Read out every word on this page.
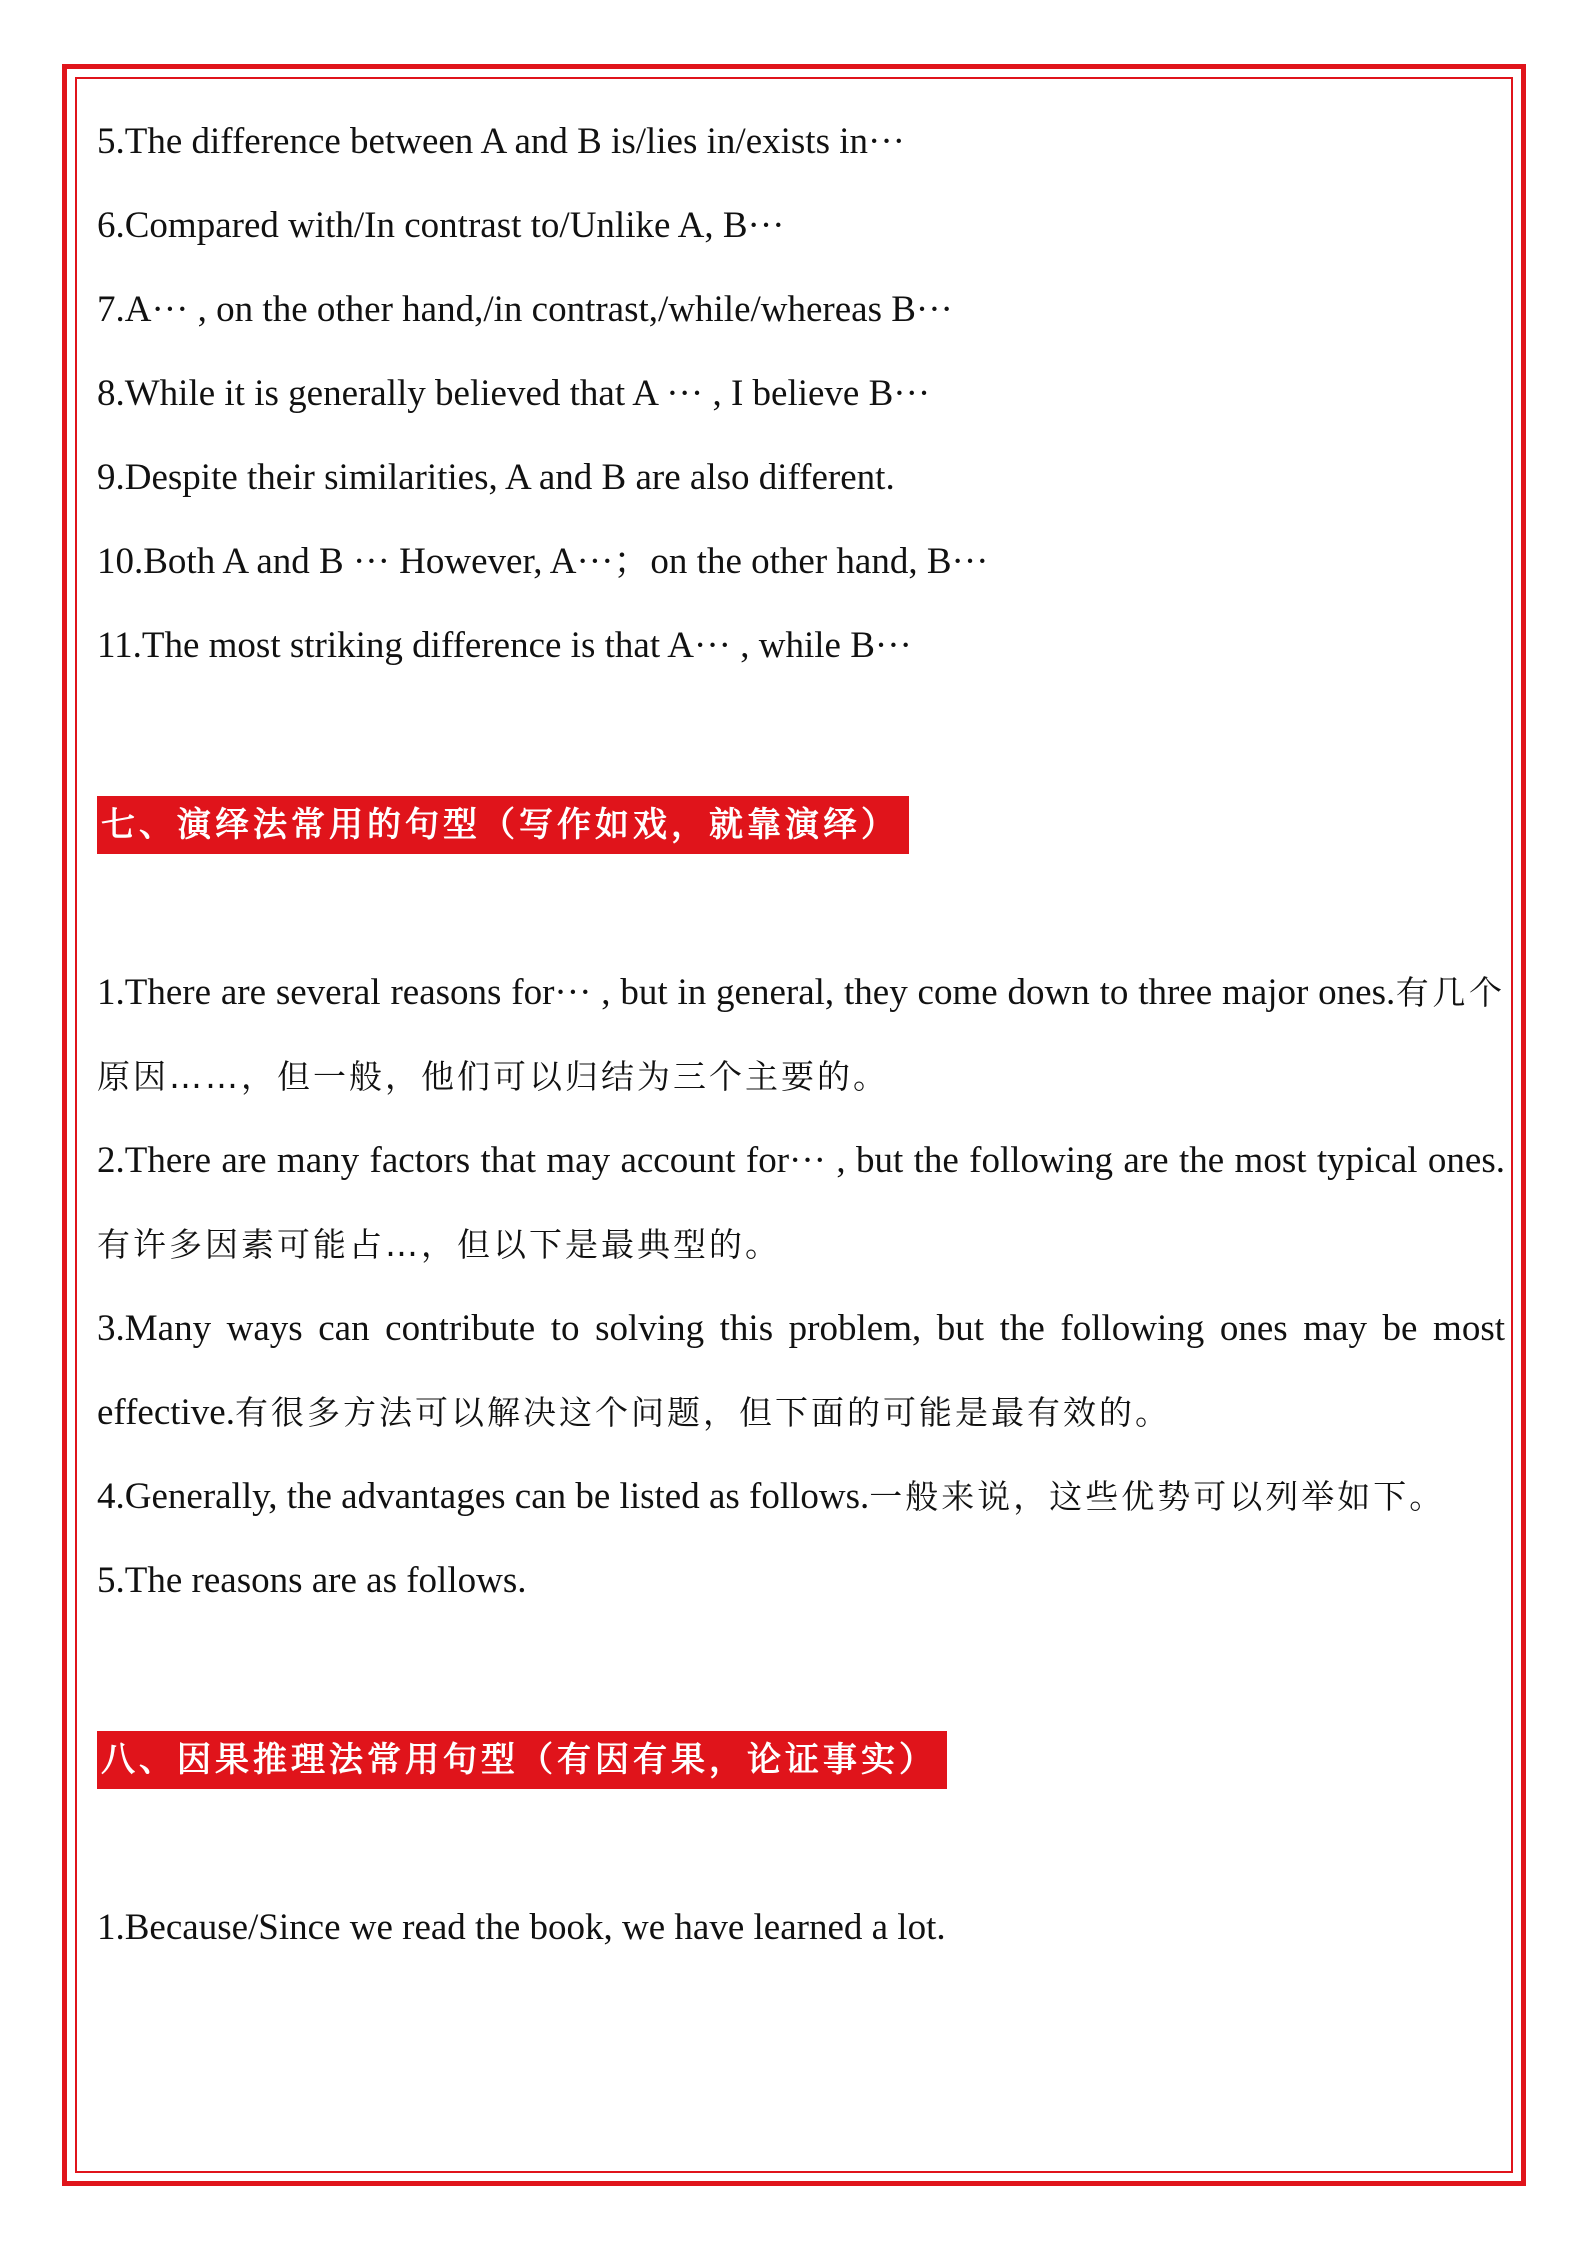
5.The difference between A and B is/lies in/exists in···

6.Compared with/In contrast to/Unlike A, B···

7.A··· , on the other hand,/in contrast,/while/whereas B···

8.While it is generally believed that A ··· , I believe B···

9.Despite their similarities, A and B are also different.

10.Both A and B ··· However, A···；on the other hand, B···

11.The most striking difference is that A··· , while B···

七、演绎法常用的句型（写作如戏，就靠演绎）

1.There are several reasons for··· , but in general, they come down to three major ones.有几个原因……，但一般，他们可以归结为三个主要的。

2.There are many factors that may account for··· , but the following are the most typical ones.有许多因素可能占…，但以下是最典型的。

3.Many ways can contribute to solving this problem, but the following ones may be most effective.有很多方法可以解决这个问题，但下面的可能是最有效的。

4.Generally, the advantages can be listed as follows.一般来说，这些优势可以列举如下。

5.The reasons are as follows.

八、因果推理法常用句型（有因有果，论证事实）

1.Because/Since we read the book, we have learned a lot.
